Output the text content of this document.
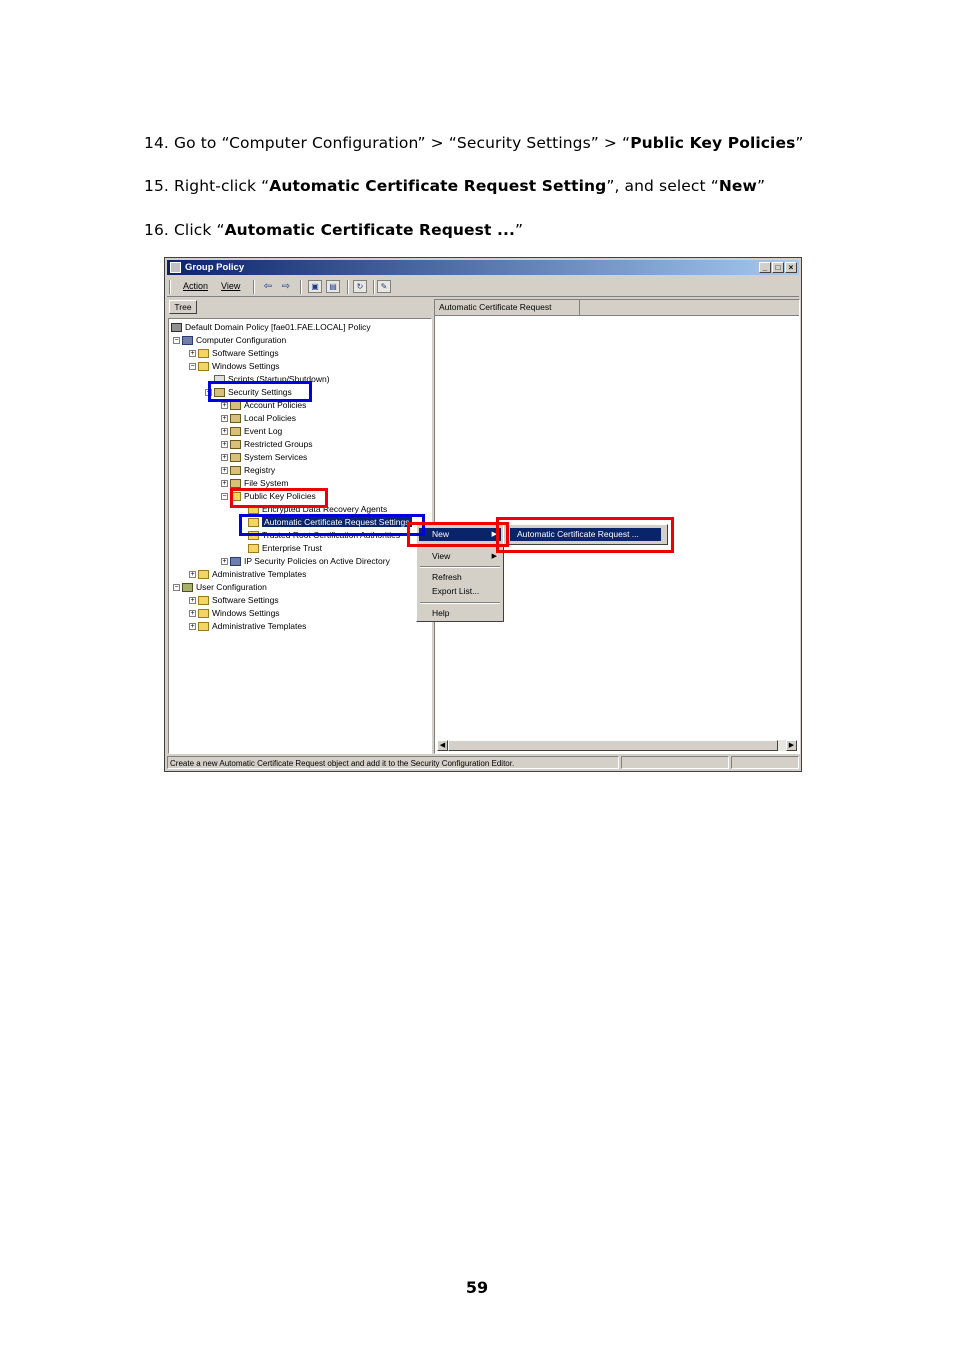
14. Go to “Computer Configuration” > “Security Settings” > “Public Key Policies”
15. Right-click “Automatic Certificate Request Setting”, and select “New”
16. Click “Automatic Certificate Request ...”
Group Policy	_	□	×
Action View ⇦ ⇨	▣	▤	↻	✎
Tree
Default Domain Policy [fae01.FAE.LOCAL] Policy
− Computer Configuration
+ Software Settings
− Windows Settings
Scripts (Startup/Shutdown)
− Security Settings
+ Account Policies
+ Local Policies
+ Event Log
+ Restricted Groups
+ System Services
+ Registry
+ File System
− Public Key Policies
Encrypted Data Recovery Agents
Automatic Certificate Request Settings
Trusted Root Certification Authorities
Enterprise Trust
+ IP Security Policies on Active Directory
+ Administrative Templates
− User Configuration
+ Software Settings
+ Windows Settings
+ Administrative Templates
Automatic Certificate Request
◀	▶
Create a new Automatic Certificate Request object and add it to the Security Configuration Editor.
New	▶
View	▶
Refresh
Export List...
Help
Automatic Certificate Request ...
59
